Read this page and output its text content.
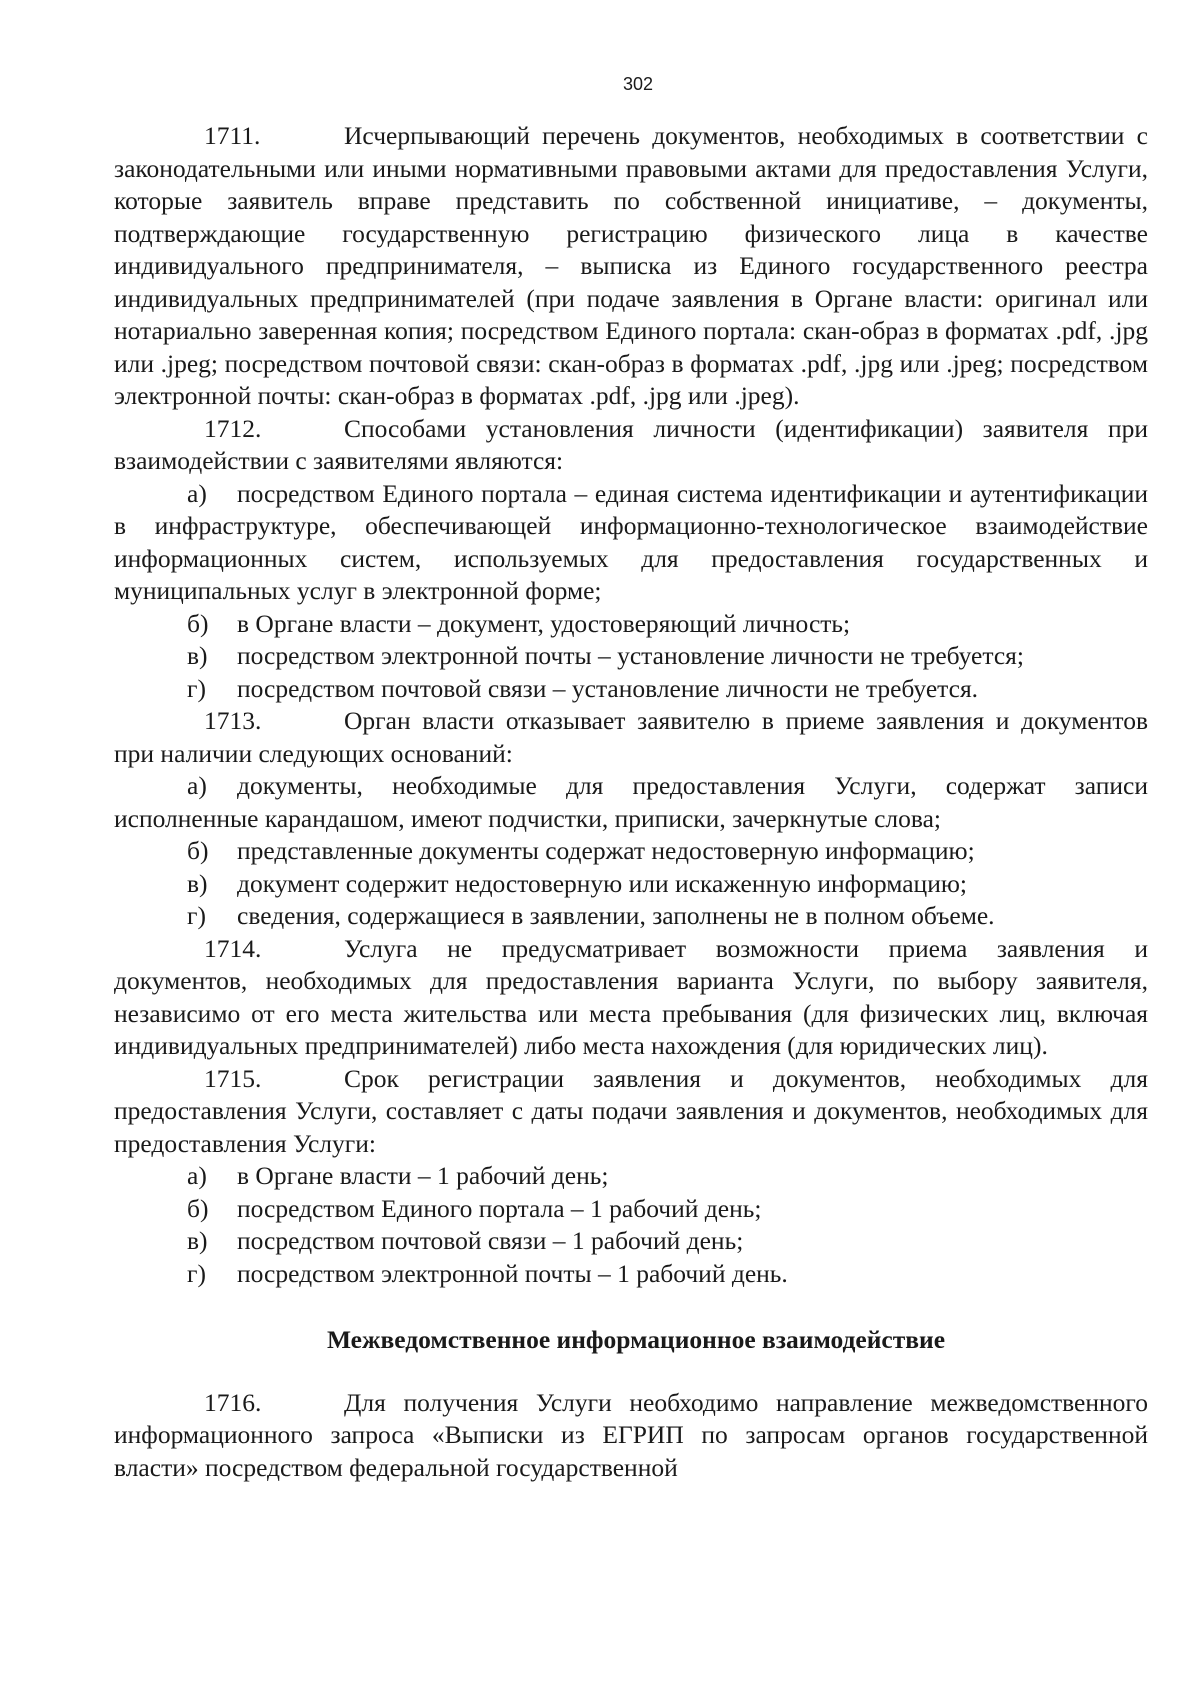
302

1711.	Исчерпывающий перечень документов, необходимых в соответствии с законодательными или иными нормативными правовыми актами для предоставления Услуги, которые заявитель вправе представить по собственной инициативе, – документы, подтверждающие государственную регистрацию физического лица в качестве индивидуального предпринимателя, – выписка из Единого государственного реестра индивидуальных предпринимателей (при подаче заявления в Органе власти: оригинал или нотариально заверенная копия; посредством Единого портала: скан-образ в форматах .pdf, .jpg или .jpeg; посредством почтовой связи: скан-образ в форматах .pdf, .jpg или .jpeg; посредством электронной почты: скан-образ в форматах .pdf, .jpg или .jpeg).

1712.	Способами установления личности (идентификации) заявителя при взаимодействии с заявителями являются:

а) посредством Единого портала – единая система идентификации и аутентификации в инфраструктуре, обеспечивающей информационно-технологическое взаимодействие информационных систем, используемых для предоставления государственных и муниципальных услуг в электронной форме;

б) в Органе власти – документ, удостоверяющий личность;

в) посредством электронной почты – установление личности не требуется;

г) посредством почтовой связи – установление личности не требуется.

1713.	Орган власти отказывает заявителю в приеме заявления и документов при наличии следующих оснований:

а) документы, необходимые для предоставления Услуги, содержат записи исполненные карандашом, имеют подчистки, приписки, зачеркнутые слова;

б) представленные документы содержат недостоверную информацию;

в) документ содержит недостоверную или искаженную информацию;

г) сведения, содержащиеся в заявлении, заполнены не в полном объеме.

1714.	Услуга не предусматривает возможности приема заявления и документов, необходимых для предоставления варианта Услуги, по выбору заявителя, независимо от его места жительства или места пребывания (для физических лиц, включая индивидуальных предпринимателей) либо места нахождения (для юридических лиц).

1715.	Срок регистрации заявления и документов, необходимых для предоставления Услуги, составляет с даты подачи заявления и документов, необходимых для предоставления Услуги:

а) в Органе власти – 1 рабочий день;

б) посредством Единого портала – 1 рабочий день;

в) посредством почтовой связи – 1 рабочий день;

г) посредством электронной почты – 1 рабочий день.

Межведомственное информационное взаимодействие

1716.	Для получения Услуги необходимо направление межведомственного информационного запроса «Выписки из ЕГРИП по запросам органов государственной власти» посредством федеральной государственной
